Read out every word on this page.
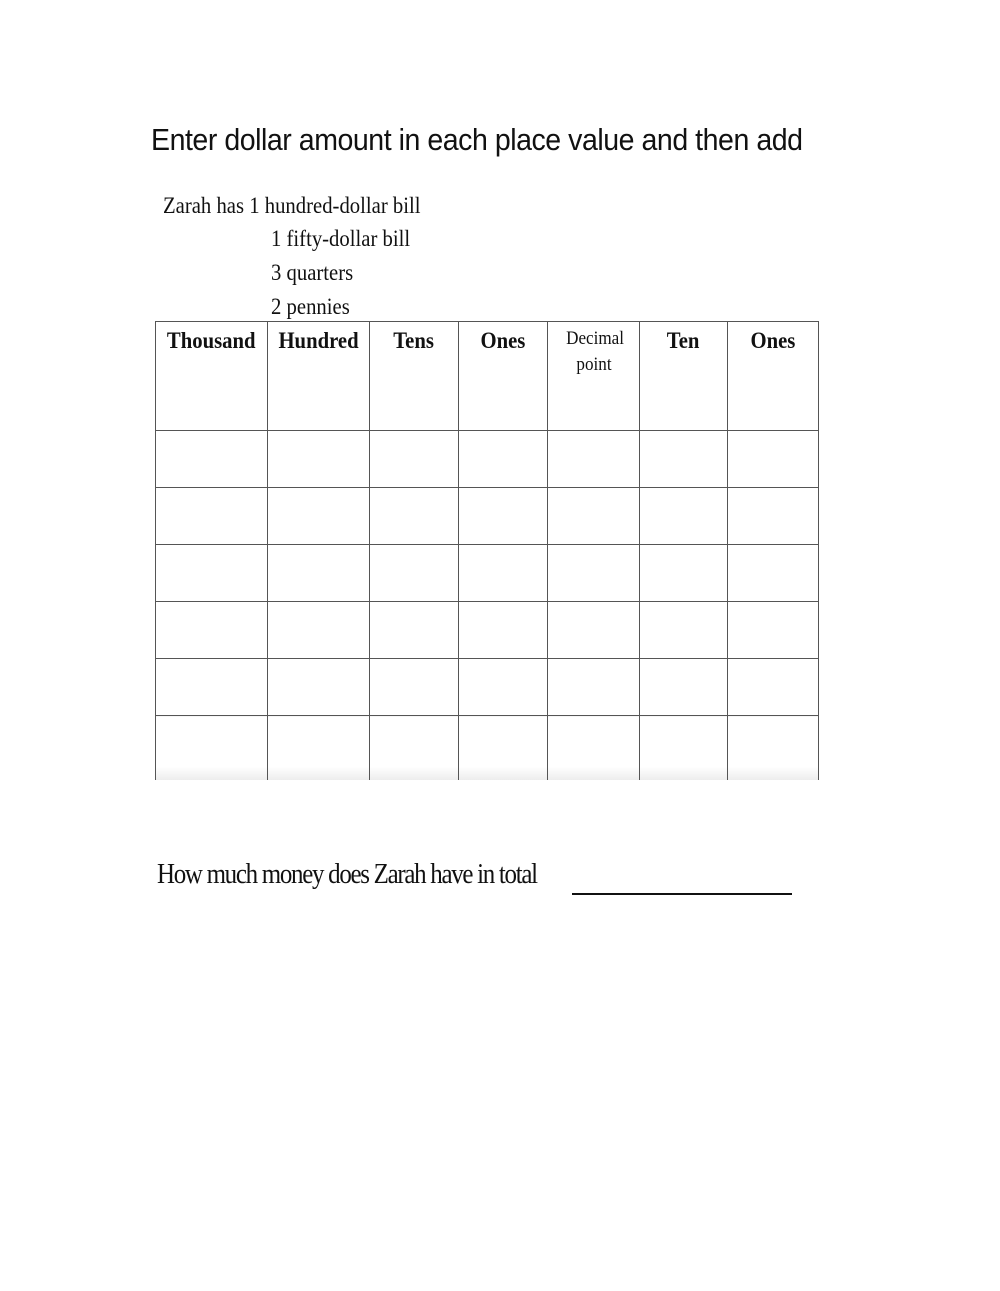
Enter dollar amount in each place value and then add
Zarah has 1 hundred-dollar bill
1 fifty-dollar bill
3 quarters
2 pennies
Thousand	Hundred	Tens	Ones	Decimal point	Ten	Ones

How much money does Zarah have in total
